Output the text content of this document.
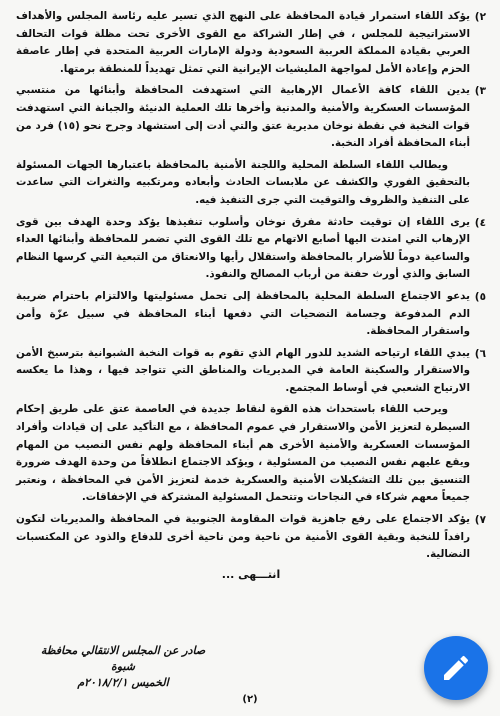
٢)
يؤكد اللقاء استمرار قيادة المحافظة على النهج الذي تسير عليه رئاسة المجلس والأهداف الاستراتيجية للمجلس ، في إطار الشراكة مع القوى الأخرى تحت مظلة قوات التحالف العربي بقيادة المملكة العربية السعودية ودولة الإمارات العربية المتحدة في إطار عاصفة الحزم وإعادة الأمل لمواجهة المليشيات الإيرانية التي تمثل تهديداً للمنطقة برمتها.
٣)
يدين اللقاء كافة الأعمال الإرهابية التي استهدفت المحافظة وأبنائها من منتسبي المؤسسات العسكرية والأمنية والمدنية وأخرها تلك العملية الدنيئة والجبانة التي استهدفت قوات النخبة في نقطة نوخان مديرية عتق والتي أدت إلى استشهاد وجرح نحو (١٥) فرد من أبناء المحافظة أفراد النخبة.

ويطالب اللقاء السلطة المحلية واللجنة الأمنية بالمحافظة باعتبارها الجهات المسئولة بالتحقيق الفوري والكشف عن ملابسات الحادث وأبعاده ومرتكبيه والثغرات التي ساعدت على التنفيذ والظروف والتوقيت التي جرى التنفيذ فيه.

٤)
يرى اللقاء إن توقيت حادثة مفرق نوخان وأسلوب تنفيذها يؤكد وحدة الهدف بين قوى الإرهاب التي امتدت اليها أصابع الاتهام مع تلك القوى التي تضمر للمحافظة وأبنائها العداء والساعية دوماً للأضرار بالمحافظة واستقلال رأيها والانعتاق من التبعية التي كرسها النظام السابق والذي أورث حفنة من أرباب المصالح والنفوذ.
٥)
يدعو الاجتماع السلطة المحلية بالمحافظة إلى تحمل مسئوليتها والالتزام باحترام ضريبة الدم المدفوعة وجسامة التضحيات التي دفعها أبناء المحافظة في سبيل عزّة وأمن واستقرار المحافظة.
٦)
يبدي اللقاء ارتياحه الشديد للدور الهام الذي تقوم به قوات النخبة الشبوانية بترسيخ الأمن والاستقرار والسكينة العامة في المديريات والمناطق التي تتواجد فيها ، وهذا ما يعكسه الارتياح الشعبي في أوساط المجتمع.

ويرحب اللقاء باستحداث هذه القوة لنقاط جديدة في العاصمة عتق على طريق إحكام السيطرة لتعزيز الأمن والاستقرار في عموم المحافظة ، مع التأكيد على إن قيادات وأفراد المؤسسات العسكرية والأمنية الأخرى هم أبناء المحافظة ولهم نفس النصيب من المهام ويقع عليهم نفس النصيب من المسئولية ، ويؤكد الاجتماع انطلاقاً من وحدة الهدف ضرورة التنسيق بين تلك التشكيلات الأمنية والعسكرية خدمة لتعزيز الأمن في المحافظة ، ونعتبر جميعاً معهم شركاء في النجاحات وتتحمل المسئولية المشتركة في الإخفاقات.

٧)
يؤكد الاجتماع على رفع جاهزية قوات المقاومة الجنوبية في المحافظة والمديريات لتكون رافداً للنخبة وبقية القوى الأمنية من ناحية ومن ناحية أخرى للدفاع والذود عن المكتسبات النضالية.
انتـــهى ...
صادر عن المجلس الانتقالي محافظة شبوة
الخميس ٢٠١٨/٢/١م
(٢)
